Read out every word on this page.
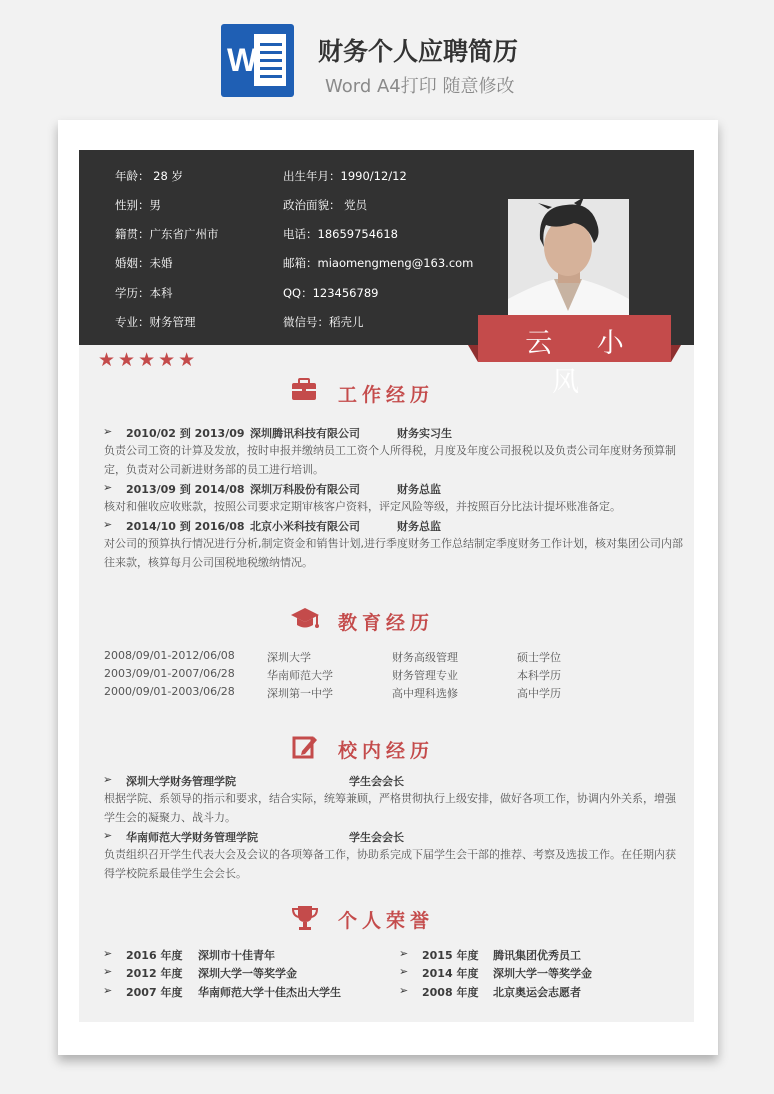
W 财务个人应聘简历
Word A4打印 随意修改
年龄： 28 岁
性别：男
籍贯：广东省广州市
婚姻：未婚
学历：本科
专业：财务管理
出生年月：1990/12/12
政治面貌： 党员
电话：18659754618
邮箱：miaomengmeng@163.com
QQ：123456789
微信号：稻壳儿
云 小 风
★★★★★
工作经历
➢ 2010/02 到 2013/09 深圳腾讯科技有限公司	财务实习生
负责公司工资的计算及发放，按时申报并缴纳员工工资个人所得税，月度及年度公司报税以及负责公司年度财务预算制定，负责对公司新进财务部的员工进行培训。
➢ 2013/09 到 2014/08 深圳万科股份有限公司	财务总监
核对和催收应收账款，按照公司要求定期审核客户资料，评定风险等级，并按照百分比法计提坏账准备定。
➢ 2014/10 到 2016/08 北京小米科技有限公司	财务总监
对公司的预算执行情况进行分析,制定资金和销售计划,进行季度财务工作总结制定季度财务工作计划，核对集团公司内部往来款，核算每月公司国税地税缴纳情况。
教育经历
2008/09/01-2012/06/08	深圳大学	财务高级管理	硕士学位
2003/09/01-2007/06/28	华南师范大学	财务管理专业	本科学历
2000/09/01-2003/06/28	深圳第一中学	高中理科选修	高中学历
校内经历
➢ 深圳大学财务管理学院	学生会会长
根据学院、系领导的指示和要求，结合实际，统筹兼顾，严格贯彻执行上级安排，做好各项工作，协调内外关系，增强学生会的凝聚力、战斗力。
➢ 华南师范大学财务管理学院	学生会会长
负责组织召开学生代表大会及会议的各项筹备工作，协助系完成下届学生会干部的推荐、考察及选拔工作。在任期内获得学校院系最佳学生会会长。
个人荣誉
➢ 2016 年度 深圳市十佳青年	➢ 2015 年度 腾讯集团优秀员工
➢ 2012 年度 深圳大学一等奖学金	➢ 2014 年度 深圳大学一等奖学金
➢ 2007 年度 华南师范大学十佳杰出大学生	➢ 2008 年度 北京奥运会志愿者
